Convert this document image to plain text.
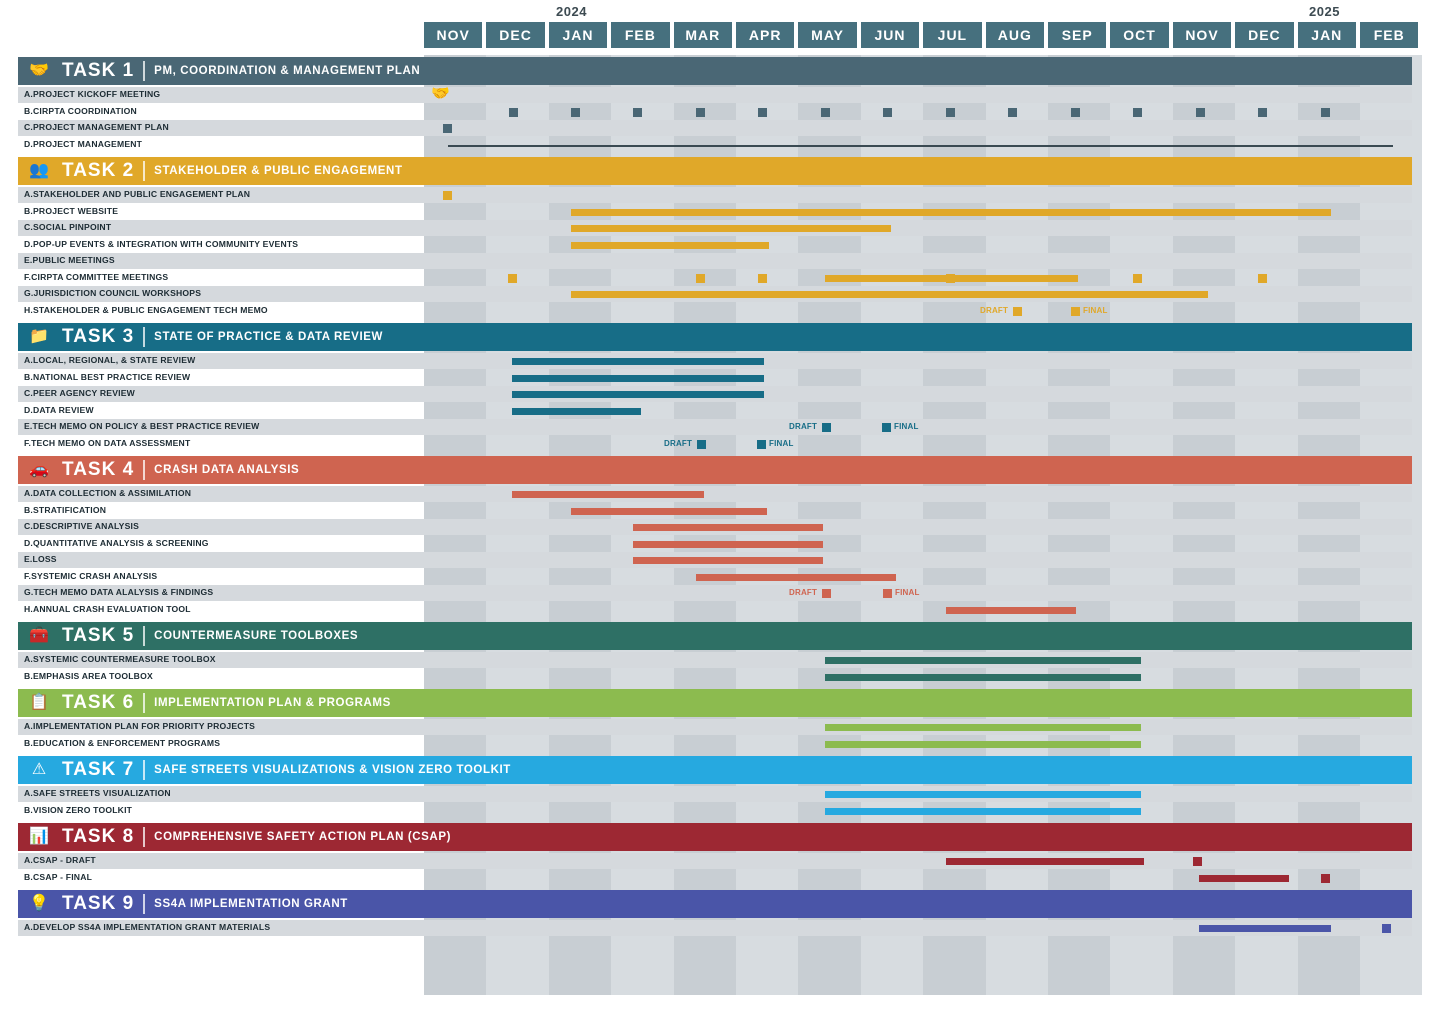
2024	2025
NOV	DEC	JAN	FEB	MAR	APR	MAY	JUN	JUL	AUG	SEP	OCT	NOV	DEC	JAN	FEB
🤝 TASK 1 PM, COORDINATION & MANAGEMENT PLAN
A.PROJECT KICKOFF MEETING	🤝
B.CIRPTA COORDINATION
C.PROJECT MANAGEMENT PLAN
D.PROJECT MANAGEMENT
👥 TASK 2 STAKEHOLDER & PUBLIC ENGAGEMENT
A.STAKEHOLDER AND PUBLIC ENGAGEMENT PLAN
B.PROJECT WEBSITE
C.SOCIAL PINPOINT
D.POP-UP EVENTS & INTEGRATION WITH COMMUNITY EVENTS
E.PUBLIC MEETINGS
F.CIRPTA COMMITTEE MEETINGS
G.JURISDICTION COUNCIL WORKSHOPS
H.STAKEHOLDER & PUBLIC ENGAGEMENT TECH MEMO	DRAFT	FINAL
📁 TASK 3 STATE OF PRACTICE & DATA REVIEW
A.LOCAL, REGIONAL, & STATE REVIEW
B.NATIONAL BEST PRACTICE REVIEW
C.PEER AGENCY REVIEW
D.DATA REVIEW
E.TECH MEMO ON POLICY & BEST PRACTICE REVIEW	DRAFT	FINAL
F.TECH MEMO ON DATA ASSESSMENT	DRAFT	FINAL
🚗 TASK 4 CRASH DATA ANALYSIS
A.DATA COLLECTION & ASSIMILATION
B.STRATIFICATION
C.DESCRIPTIVE ANALYSIS
D.QUANTITATIVE ANALYSIS & SCREENING
E.LOSS
F.SYSTEMIC CRASH ANALYSIS
G.TECH MEMO DATA ALALYSIS & FINDINGS	DRAFT	FINAL
H.ANNUAL CRASH EVALUATION TOOL
🧰 TASK 5 COUNTERMEASURE TOOLBOXES
A.SYSTEMIC COUNTERMEASURE TOOLBOX
B.EMPHASIS AREA TOOLBOX
📋 TASK 6 IMPLEMENTATION PLAN & PROGRAMS
A.IMPLEMENTATION PLAN FOR PRIORITY PROJECTS
B.EDUCATION & ENFORCEMENT PROGRAMS
⚠ TASK 7 SAFE STREETS VISUALIZATIONS & VISION ZERO TOOLKIT
A.SAFE STREETS VISUALIZATION
B.VISION ZERO TOOLKIT
📊 TASK 8 COMPREHENSIVE SAFETY ACTION PLAN (CSAP)
A.CSAP - DRAFT
B.CSAP - FINAL
💡 TASK 9 SS4A IMPLEMENTATION GRANT
A.DEVELOP SS4A IMPLEMENTATION GRANT MATERIALS
